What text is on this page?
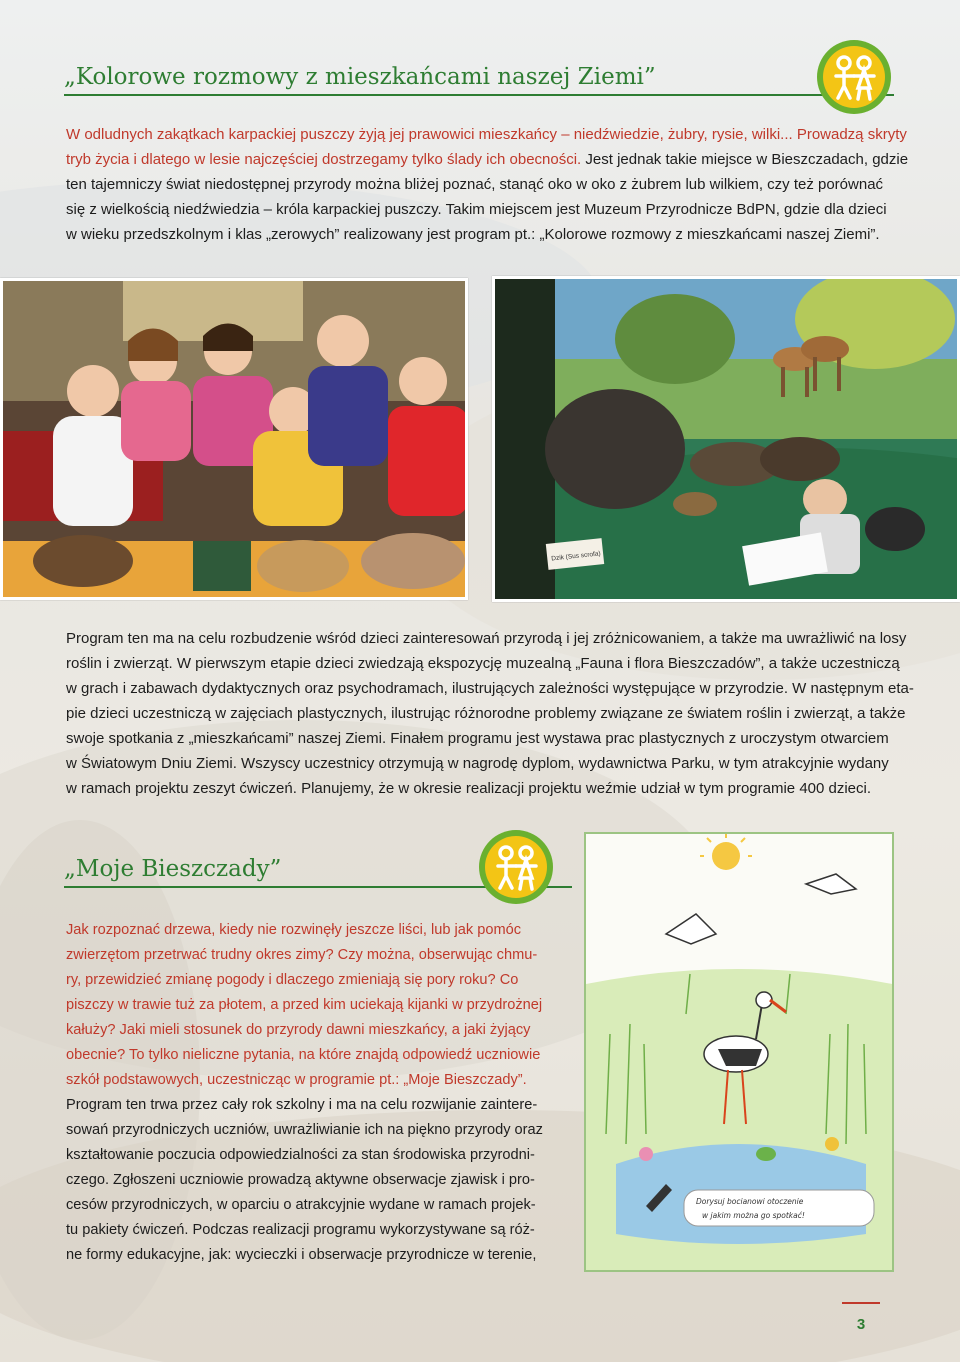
„Kolorowe rozmowy z mieszkańcami naszej Ziemi”
W odludnych zakątkach karpackiej puszczy żyją jej prawowici mieszkańcy – niedźwiedzie, żubry, rysie, wilki... Prowadzą skryty
tryb życia i dlatego w lesie najczęściej dostrzegamy tylko ślady ich obecności. Jest jednak takie miejsce w Bieszczadach, gdzie
ten tajemniczy świat niedostępnej przyrody można bliżej poznać, stanąć oko w oko z żubrem lub wilkiem, czy też porównać
się z wielkością niedźwiedzia – króla karpackiej puszczy. Takim miejscem jest Muzeum Przyrodnicze BdPN, gdzie dla dzieci
w wieku przedszkolnym i klas „zerowych” realizowany jest program pt.: „Kolorowe rozmowy z mieszkańcami naszej Ziemi”.
Dzik (Sus scrofa)
Program ten ma na celu rozbudzenie wśród dzieci zainteresowań przyrodą i jej zróżnicowaniem, a także ma uwrażliwić na losy
roślin i zwierząt. W pierwszym etapie dzieci zwiedzają ekspozycję muzealną „Fauna i flora Bieszczadów”, a także uczestniczą
w grach i zabawach dydaktycznych oraz psychodramach, ilustrujących zależności występujące w przyrodzie. W następnym eta-
pie dzieci uczestniczą w zajęciach plastycznych, ilustrując różnorodne problemy związane ze światem roślin i zwierząt, a także
swoje spotkania z „mieszkańcami” naszej Ziemi. Finałem programu jest wystawa prac plastycznych z uroczystym otwarciem
w Światowym Dniu Ziemi. Wszyscy uczestnicy otrzymują w nagrodę dyplom, wydawnictwa Parku, w tym atrakcyjnie wydany
w ramach projektu zeszyt ćwiczeń. Planujemy, że w okresie realizacji projektu weźmie udział w tym programie 400 dzieci.
„Moje Bieszczady”
Jak rozpoznać drzewa, kiedy nie rozwinęły jeszcze liści, lub jak pomóc
zwierzętom przetrwać trudny okres zimy? Czy można, obserwując chmu-
ry, przewidzieć zmianę pogody i dlaczego zmieniają się pory roku? Co
piszczy w trawie tuż za płotem, a przed kim uciekają kijanki w przydrożnej
kałuży? Jaki mieli stosunek do przyrody dawni mieszkańcy, a jaki żyjący
obecnie? To tylko nieliczne pytania, na które znajdą odpowiedź uczniowie
szkół podstawowych, uczestnicząc w programie pt.: „Moje Bieszczady”.
Program ten trwa przez cały rok szkolny i ma na celu rozwijanie zaintere-
sowań przyrodniczych uczniów, uwrażliwianie ich na piękno przyrody oraz
kształtowanie poczucia odpowiedzialności za stan środowiska przyrodni-
czego. Zgłoszeni uczniowie prowadzą aktywne obserwacje zjawisk i pro-
cesów przyrodniczych, w oparciu o atrakcyjnie wydane w ramach projek-
tu pakiety ćwiczeń. Podczas realizacji programu wykorzystywane są róż-
ne formy edukacyjne, jak: wycieczki i obserwacje przyrodnicze w terenie,
Dorysuj bocianowi otoczenie
w jakim można go spotkać!
3
